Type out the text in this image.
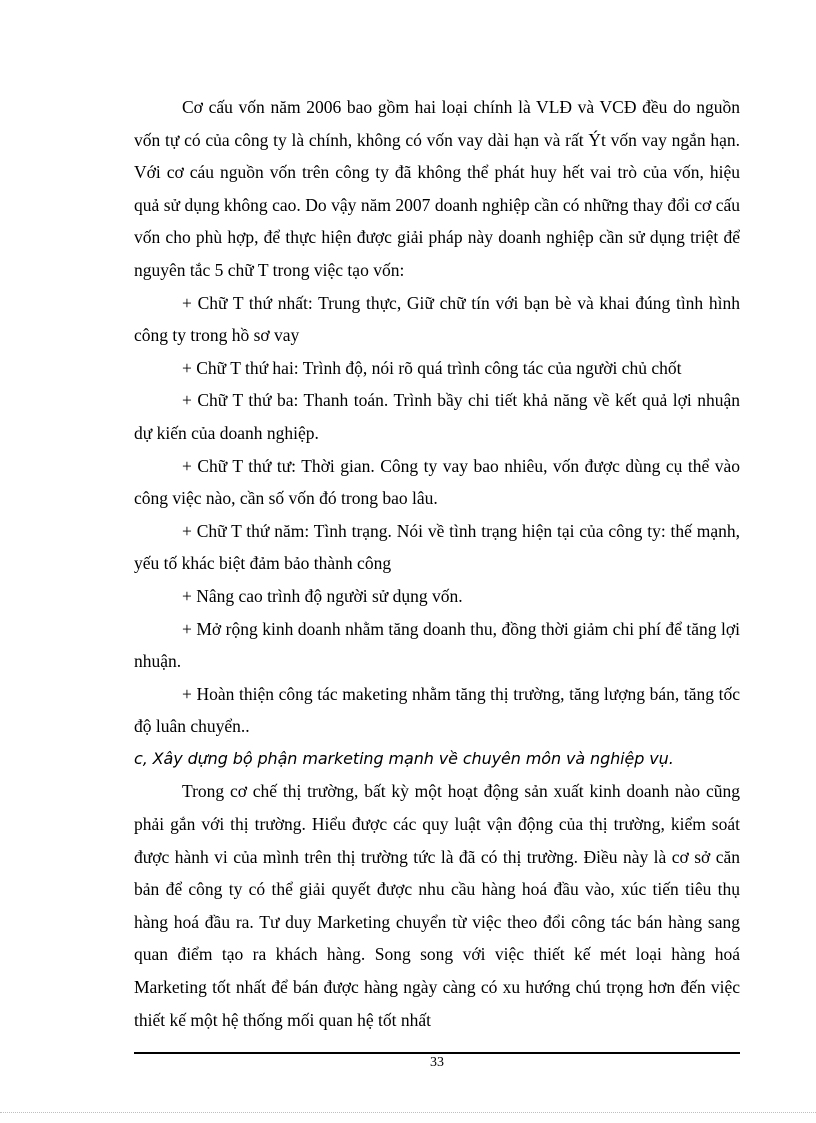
Cơ cấu vốn năm 2006 bao gồm hai loại chính là VLĐ và VCĐ đều do nguồn vốn tự có của công ty là chính, không có vốn vay dài hạn và rất Ýt vốn vay ngắn hạn. Với cơ cáu nguồn vốn trên công ty đã không thể phát huy hết vai trò của vốn, hiệu quả sử dụng không cao. Do vậy năm 2007 doanh nghiệp cần có những thay đổi cơ cấu vốn cho phù hợp, để thực hiện được giải pháp này doanh nghiệp cần sử dụng triệt để nguyên tắc 5 chữ T trong việc tạo vốn:

+ Chữ T thứ nhất: Trung thực, Giữ chữ tín với bạn bè và khai đúng tình hình công ty trong hồ sơ vay

+ Chữ T thứ hai: Trình độ, nói rõ quá trình công tác của người chủ chốt

+ Chữ T thứ ba: Thanh toán. Trình bầy chi tiết khả năng về kết quả lợi nhuận dự kiến của doanh nghiệp.

+ Chữ T thứ tư: Thời gian. Công ty vay bao nhiêu, vốn được dùng cụ thể vào công việc nào, cần số vốn đó trong bao lâu.

+ Chữ T thứ năm: Tình trạng. Nói về tình trạng hiện tại của công ty: thế mạnh, yếu tố khác biệt đảm bảo thành công

+ Nâng cao trình độ người sử dụng vốn.

+ Mở rộng kinh doanh nhằm tăng doanh thu, đồng thời giảm chi phí để tăng lợi nhuận.

+ Hoàn thiện công tác maketing nhằm tăng thị trường, tăng lượng bán, tăng tốc độ luân chuyển..

c, Xây dựng bộ phận marketing mạnh về chuyên môn và nghiệp vụ.

Trong cơ chế thị trường, bất kỳ một hoạt động sản xuất kinh doanh nào cũng phải gắn với thị trường. Hiểu được các quy luật vận động của thị trường, kiểm soát được hành vi của mình trên thị trường tức là đã có thị trường. Điều này là cơ sở căn bản để công ty có thể giải quyết được nhu cầu hàng hoá đầu vào, xúc tiến tiêu thụ hàng hoá đầu ra. Tư duy Marketing chuyển từ việc theo đổi công tác bán hàng sang quan điểm tạo ra khách hàng. Song song với việc thiết kế mét loại hàng hoá Marketing tốt nhất để bán được hàng ngày càng có xu hướng chú trọng hơn đến việc thiết kế một hệ thống mối quan hệ tốt nhất

33
